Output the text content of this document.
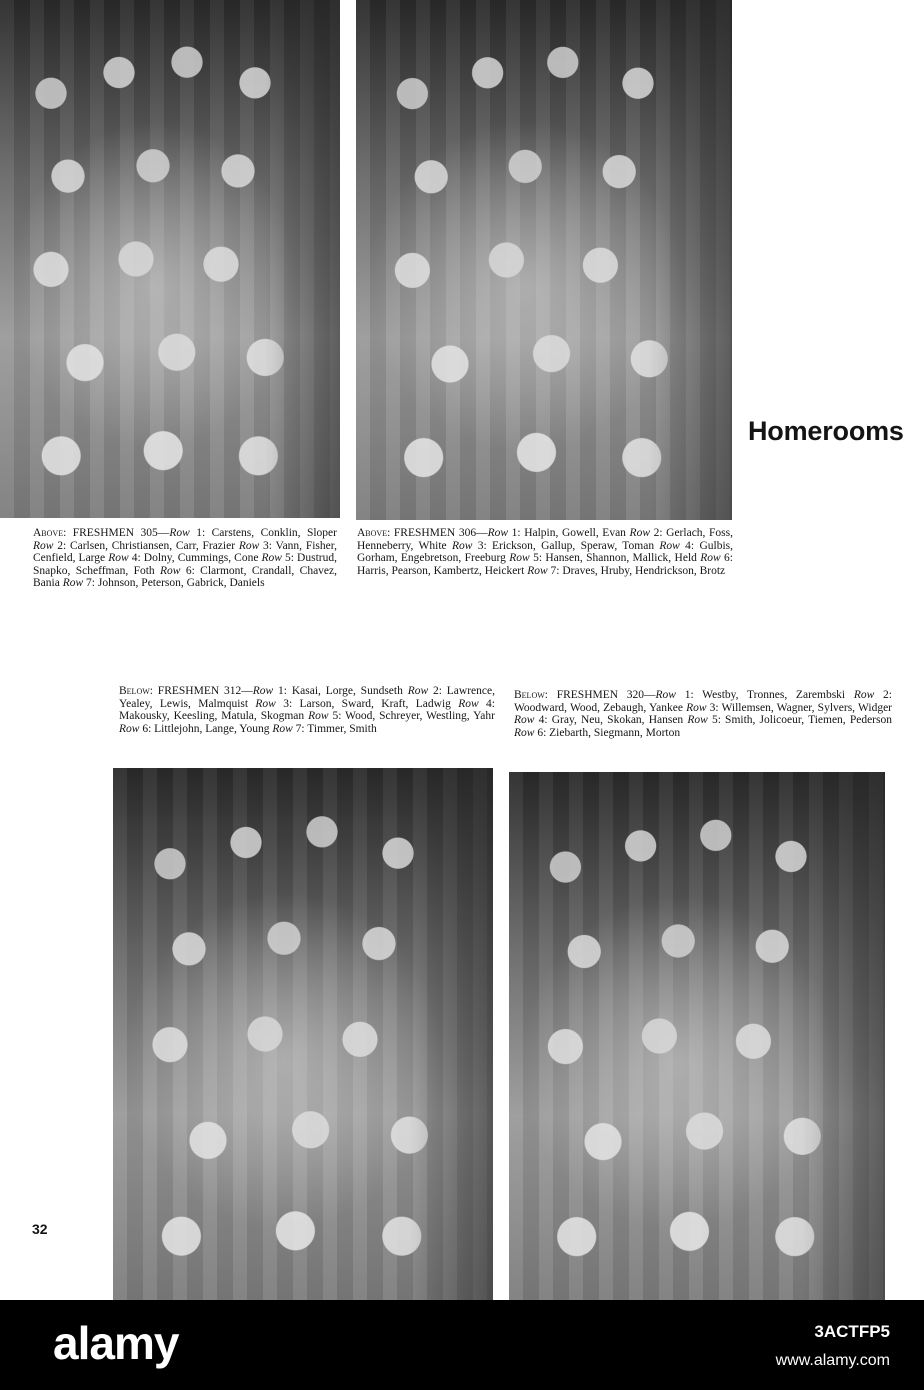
Homerooms
Above: FRESHMEN 305—Row 1: Carstens, Conklin, Sloper Row 2: Carlsen, Christiansen, Carr, Frazier Row 3: Vann, Fisher, Cenfield, Large Row 4: Dolny, Cummings, Cone Row 5: Dustrud, Snapko, Scheffman, Foth Row 6: Clarmont, Crandall, Chavez, Bania Row 7: Johnson, Peterson, Gabrick, Daniels
Above: FRESHMEN 306—Row 1: Halpin, Gowell, Evan Row 2: Gerlach, Foss, Henneberry, White Row 3: Erickson, Gallup, Speraw, Toman Row 4: Gulbis, Gorham, Engebretson, Freeburg Row 5: Hansen, Shannon, Mallick, Held Row 6: Harris, Pearson, Kambertz, Heickert Row 7: Draves, Hruby, Hendrickson, Brotz
Below: FRESHMEN 312—Row 1: Kasai, Lorge, Sundseth Row 2: Lawrence, Yealey, Lewis, Malmquist Row 3: Larson, Sward, Kraft, Ladwig Row 4: Makousky, Keesling, Matula, Skogman Row 5: Wood, Schreyer, Westling, Yahr Row 6: Littlejohn, Lange, Young Row 7: Timmer, Smith
Below: FRESHMEN 320—Row 1: Westby, Tronnes, Zarembski Row 2: Woodward, Wood, Zebaugh, Yankee Row 3: Willemsen, Wagner, Sylvers, Widger Row 4: Gray, Neu, Skokan, Hansen Row 5: Smith, Jolicoeur, Tiemen, Pederson Row 6: Ziebarth, Siegmann, Morton
32
alamy	3ACTFP5
www.alamy.com
